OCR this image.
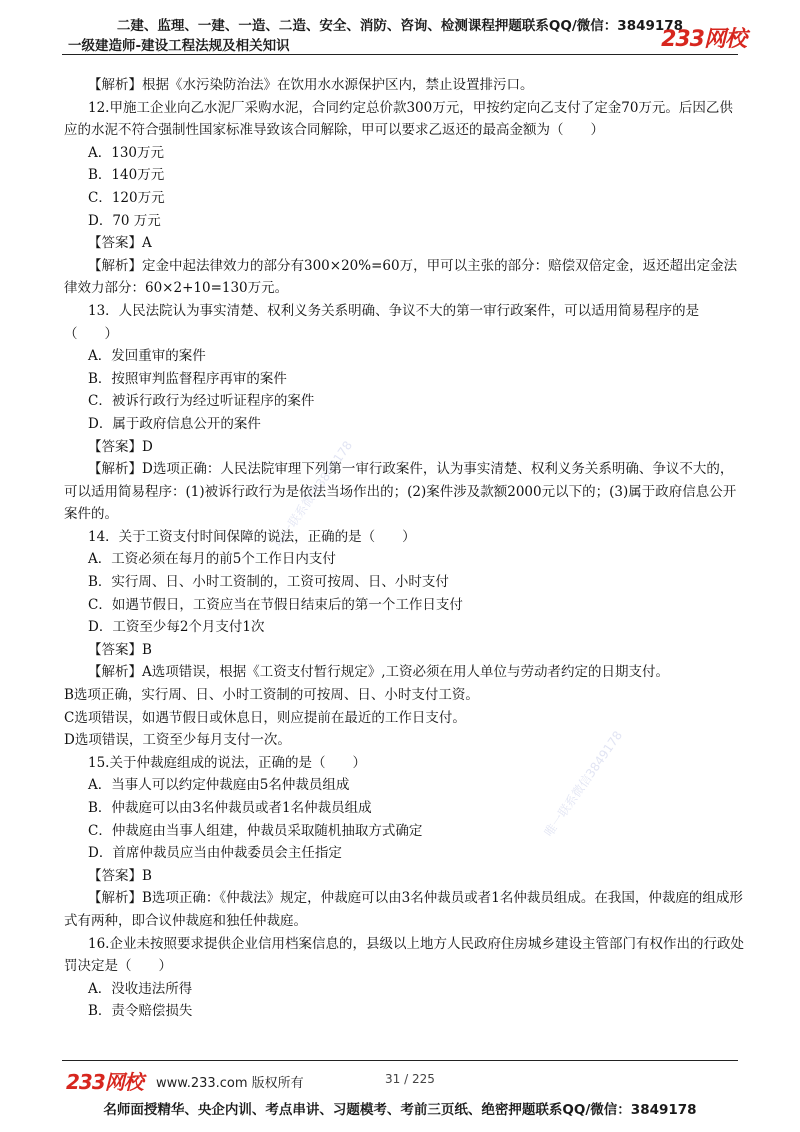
二建、监理、一建、一造、二造、安全、消防、咨询、检测课程押题联系QQ/微信：3849178
一级建造师-建设工程法规及相关知识	233网校

【解析】根据《水污染防治法》在饮用水水源保护区内，禁止设置排污口。

12.甲施工企业向乙水泥厂采购水泥，合同约定总价款300万元，甲按约定向乙支付了定金70万元。后因乙供应的水泥不符合强制性国家标准导致该合同解除，甲可以要求乙返还的最高金额为（　　）

A．130万元

B．140万元

C．120万元

D．70 万元

【答案】A

【解析】定金中起法律效力的部分有300×20%=60万，甲可以主张的部分：赔偿双倍定金，返还超出定金法律效力部分：60×2+10=130万元。

13．人民法院认为事实清楚、权利义务关系明确、争议不大的第一审行政案件，可以适用简易程序的是（　　）

A．发回重审的案件

B．按照审判监督程序再审的案件

C．被诉行政行为经过听证程序的案件

D．属于政府信息公开的案件

【答案】D

【解析】D选项正确：人民法院审理下列第一审行政案件，认为事实清楚、权利义务关系明确、争议不大的，可以适用简易程序：(1)被诉行政行为是依法当场作出的；(2)案件涉及款额2000元以下的；(3)属于政府信息公开案件的。

14．关于工资支付时间保障的说法，正确的是（　　）

A．工资必须在每月的前5个工作日内支付

B．实行周、日、小时工资制的，工资可按周、日、小时支付

C．如遇节假日，工资应当在节假日结束后的第一个工作日支付

D．工资至少每2个月支付1次

【答案】B

【解析】A选项错误，根据《工资支付暂行规定》,工资必须在用人单位与劳动者约定的日期支付。

B选项正确，实行周、日、小时工资制的可按周、日、小时支付工资。

C选项错误，如遇节假日或休息日，则应提前在最近的工作日支付。

D选项错误，工资至少每月支付一次。

15.关于仲裁庭组成的说法，正确的是（　　）

A．当事人可以约定仲裁庭由5名仲裁员组成

B．仲裁庭可以由3名仲裁员或者1名仲裁员组成

C．仲裁庭由当事人组建，仲裁员采取随机抽取方式确定

D．首席仲裁员应当由仲裁委员会主任指定

【答案】B

【解析】B选项正确：《仲裁法》规定，仲裁庭可以由3名仲裁员或者1名仲裁员组成。在我国，仲裁庭的组成形式有两种，即合议仲裁庭和独任仲裁庭。

16.企业未按照要求提供企业信用档案信息的，县级以上地方人民政府住房城乡建设主管部门有权作出的行政处罚决定是（　　）

A．没收违法所得

B．责令赔偿损失

唯一联系微信3849178
唯一联系微信3849178
233网校 www.233.com 版权所有	31 / 225
名师面授精华、央企内训、考点串讲、习题模考、考前三页纸、绝密押题联系QQ/微信：3849178
